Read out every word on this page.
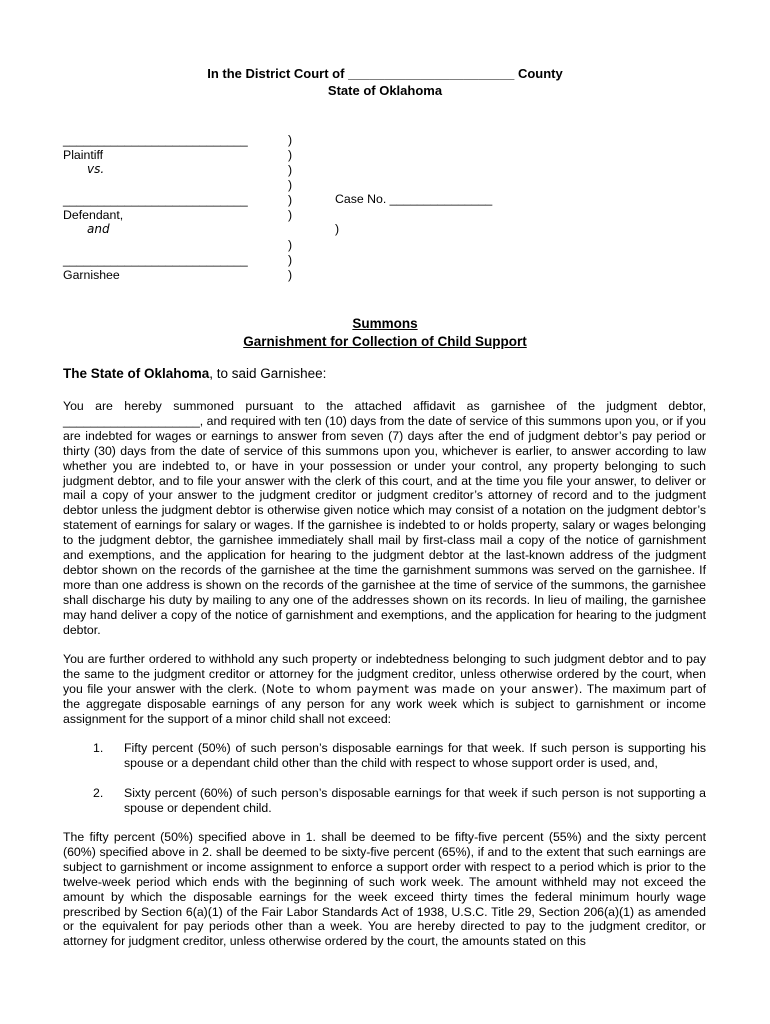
In the District Court of _______________________ County
State of Oklahoma
___________________________
Plaintiff
vs.
___________________________
Defendant,
and
___________________________
Garnishee
)
)
)
)
)
)
)
)
)
Case No. _______________
)
Summons
Garnishment for Collection of Child Support
The State of Oklahoma, to said Garnishee:
You are hereby summoned pursuant to the attached affidavit as garnishee of the judgment debtor, ____________________, and required with ten (10) days from the date of service of this summons upon you, or if you are indebted for wages or earnings to answer from seven (7) days after the end of judgment debtor’s pay period or thirty (30) days from the date of service of this summons upon you, whichever is earlier, to answer according to law whether you are indebted to, or have in your possession or under your control, any property belonging to such judgment debtor, and to file your answer with the clerk of this court, and at the time you file your answer, to deliver or mail a copy of your answer to the judgment creditor or judgment creditor’s attorney of record and to the judgment debtor unless the judgment debtor is otherwise given notice which may consist of a notation on the judgment debtor’s statement of earnings for salary or wages. If the garnishee is indebted to or holds property, salary or wages belonging to the judgment debtor, the garnishee immediately shall mail by first-class mail a copy of the notice of garnishment and exemptions, and the application for hearing to the judgment debtor at the last-known address of the judgment debtor shown on the records of the garnishee at the time the garnishment summons was served on the garnishee. If more than one address is shown on the records of the garnishee at the time of service of the summons, the garnishee shall discharge his duty by mailing to any one of the addresses shown on its records. In lieu of mailing, the garnishee may hand deliver a copy of the notice of garnishment and exemptions, and the application for hearing to the judgment debtor.
You are further ordered to withhold any such property or indebtedness belonging to such judgment debtor and to pay the same to the judgment creditor or attorney for the judgment creditor, unless otherwise ordered by the court, when you file your answer with the clerk. (Note to whom payment was made on your answer). The maximum part of the aggregate disposable earnings of any person for any work week which is subject to garnishment or income assignment for the support of a minor child shall not exceed:
1. Fifty percent (50%) of such person’s disposable earnings for that week. If such person is supporting his spouse or a dependant child other than the child with respect to whose support order is used, and,
2. Sixty percent (60%) of such person’s disposable earnings for that week if such person is not supporting a spouse or dependent child.
The fifty percent (50%) specified above in 1. shall be deemed to be fifty-five percent (55%) and the sixty percent (60%) specified above in 2. shall be deemed to be sixty-five percent (65%), if and to the extent that such earnings are subject to garnishment or income assignment to enforce a support order with respect to a period which is prior to the twelve-week period which ends with the beginning of such work week. The amount withheld may not exceed the amount by which the disposable earnings for the week exceed thirty times the federal minimum hourly wage prescribed by Section 6(a)(1) of the Fair Labor Standards Act of 1938, U.S.C. Title 29, Section 206(a)(1) as amended or the equivalent for pay periods other than a week. You are hereby directed to pay to the judgment creditor, or attorney for judgment creditor, unless otherwise ordered by the court, the amounts stated on this
